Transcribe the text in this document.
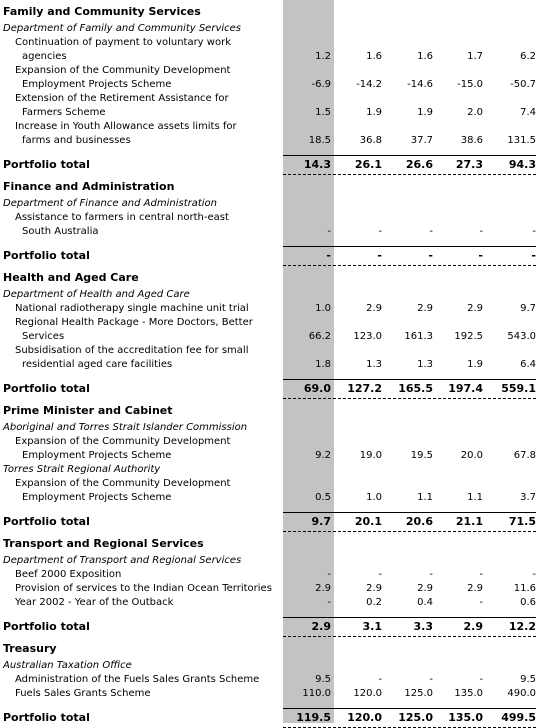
Family and Community Services
Department of Family and Community Services
Continuation of payment to voluntary work
agencies	1.2	1.6	1.6	1.7	6.2
Expansion of the Community Development
Employment Projects Scheme	-6.9	-14.2	-14.6	-15.0	-50.7
Extension of the Retirement Assistance for
Farmers Scheme	1.5	1.9	1.9	2.0	7.4
Increase in Youth Allowance assets limits for
farms and businesses	18.5	36.8	37.7	38.6	131.5
Portfolio total	14.3	26.1	26.6	27.3	94.3
Finance and Administration
Department of Finance and Administration
Assistance to farmers in central north-east
South Australia	-	-	-	-	-
Portfolio total	-	-	-	-	-
Health and Aged Care
Department of Health and Aged Care
National radiotherapy single machine unit trial	1.0	2.9	2.9	2.9	9.7
Regional Health Package - More Doctors, Better
Services	66.2	123.0	161.3	192.5	543.0
Subsidisation of the accreditation fee for small
residential aged care facilities	1.8	1.3	1.3	1.9	6.4
Portfolio total	69.0	127.2	165.5	197.4	559.1
Prime Minister and Cabinet
Aboriginal and Torres Strait Islander Commission
Expansion of the Community Development
Employment Projects Scheme	9.2	19.0	19.5	20.0	67.8
Torres Strait Regional Authority
Expansion of the Community Development
Employment Projects Scheme	0.5	1.0	1.1	1.1	3.7
Portfolio total	9.7	20.1	20.6	21.1	71.5
Transport and Regional Services
Department of Transport and Regional Services
Beef 2000 Exposition	-	-	-	-	-
Provision of services to the Indian Ocean Territories	2.9	2.9	2.9	2.9	11.6
Year 2002 - Year of the Outback	-	0.2	0.4	-	0.6
Portfolio total	2.9	3.1	3.3	2.9	12.2
Treasury
Australian Taxation Office
Administration of the Fuels Sales Grants Scheme	9.5	-	-	-	9.5
Fuels Sales Grants Scheme	110.0	120.0	125.0	135.0	490.0
Portfolio total	119.5	120.0	125.0	135.0	499.5
